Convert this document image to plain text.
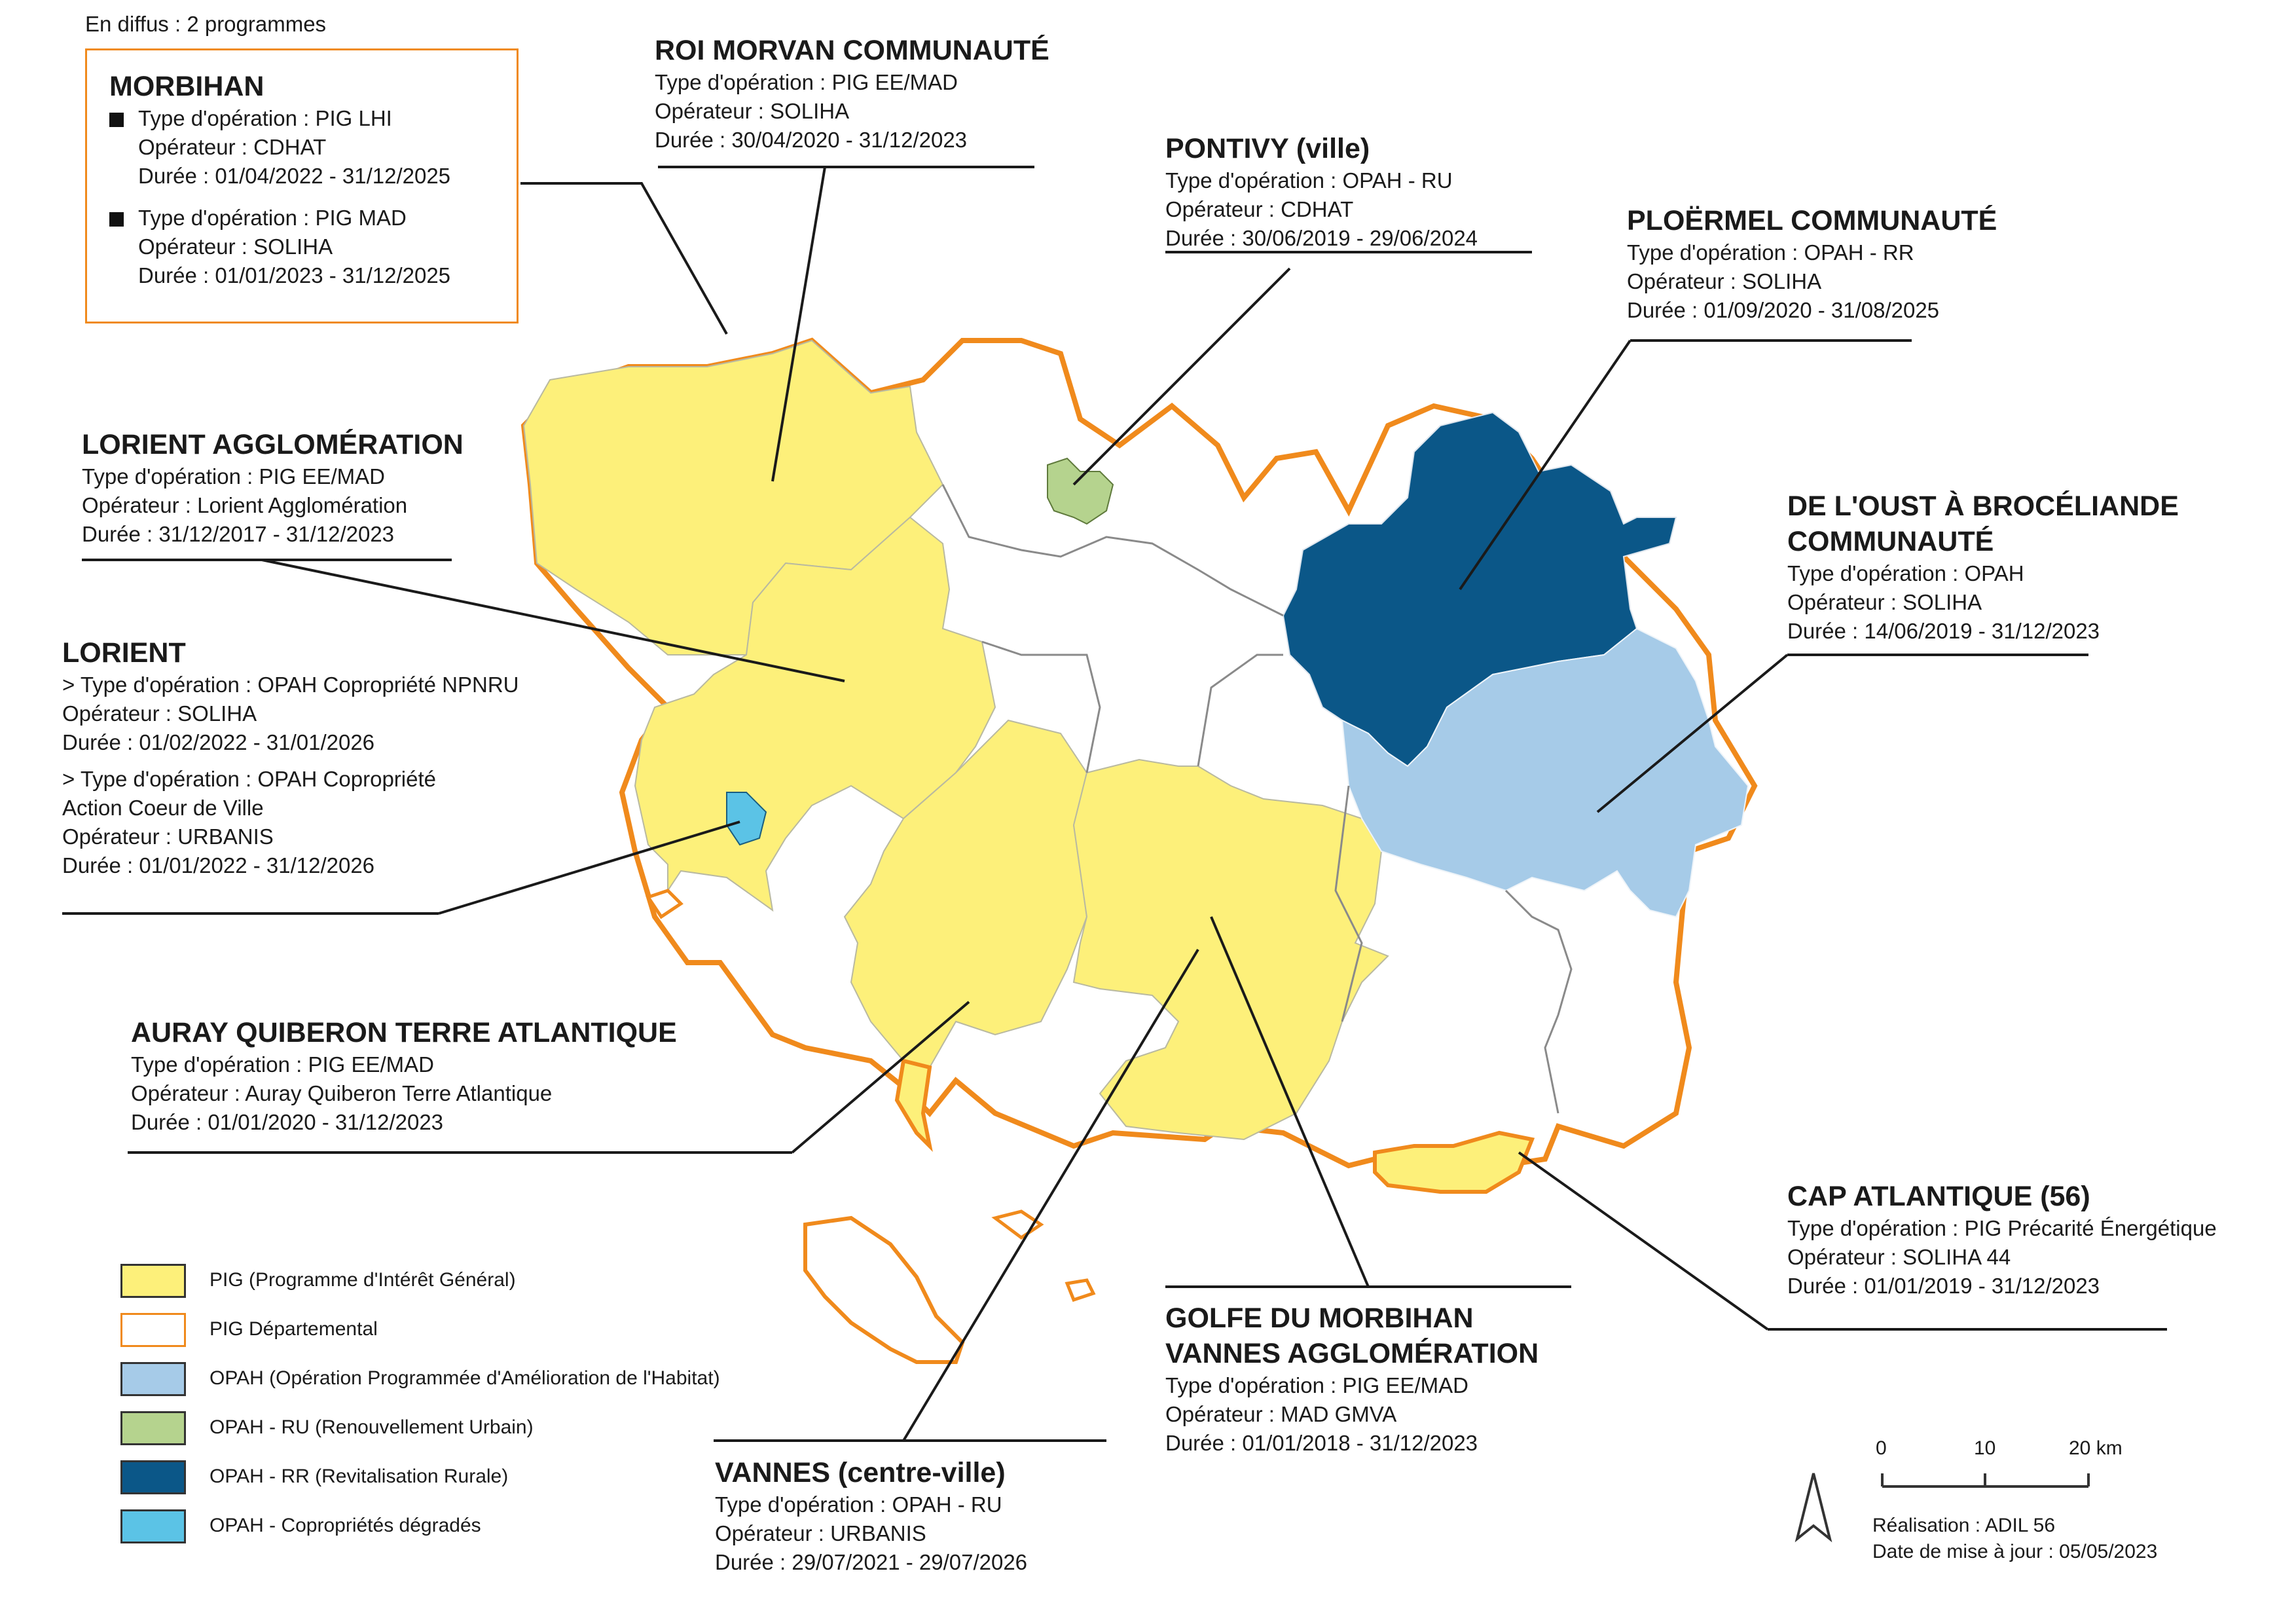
En diffus : 2 programmes
MORBIHAN
Type d'opération : PIG LHI
Opérateur : CDHAT
Durée : 01/04/2022 - 31/12/2025
Type d'opération : PIG MAD
Opérateur : SOLIHA
Durée : 01/01/2023 - 31/12/2025
ROI MORVAN COMMUNAUTÉ
Type d'opération : PIG EE/MAD
Opérateur : SOLIHA
Durée : 30/04/2020 - 31/12/2023	PONTIVY (ville)
Type d'opération : OPAH - RU
Opérateur : CDHAT
Durée : 30/06/2019 - 29/06/2024
PLOËRMEL COMMUNAUTÉ
Type d'opération : OPAH - RR
Opérateur : SOLIHA
Durée : 01/09/2020 - 31/08/2025
LORIENT AGGLOMÉRATION
Type d'opération : PIG EE/MAD
Opérateur : Lorient Agglomération
Durée : 31/12/2017 - 31/12/2023
DE L'OUST À BROCÉLIANDE
COMMUNAUTÉ
Type d'opération : OPAH
Opérateur : SOLIHA
Durée : 14/06/2019 - 31/12/2023
LORIENT
> Type d'opération : OPAH Copropriété NPNRU
Opérateur : SOLIHA
Durée : 01/02/2022 - 31/01/2026
> Type d'opération : OPAH Copropriété
Action Coeur de Ville
Opérateur : URBANIS
Durée : 01/01/2022 - 31/12/2026
AURAY QUIBERON TERRE ATLANTIQUE
Type d'opération : PIG EE/MAD
Opérateur : Auray Quiberon Terre Atlantique
Durée : 01/01/2020 - 31/12/2023
CAP ATLANTIQUE (56)
Type d'opération : PIG Précarité Énergétique
Opérateur : SOLIHA 44
Durée : 01/01/2019 - 31/12/2023
GOLFE DU MORBIHAN
VANNES AGGLOMÉRATION
Type d'opération : PIG EE/MAD
Opérateur : MAD GMVA
Durée : 01/01/2018 - 31/12/2023
VANNES (centre-ville)
Type d'opération : OPAH - RU
Opérateur : URBANIS
Durée : 29/07/2021 - 29/07/2026
PIG (Programme d'Intérêt Général)
PIG Départemental
OPAH (Opération Programmée d'Amélioration de l'Habitat)
OPAH - RU (Renouvellement Urbain)
OPAH - RR (Revitalisation Rurale)
OPAH - Copropriétés dégradés
0	10	20 km
Réalisation : ADIL 56
Date de mise à jour : 05/05/2023
